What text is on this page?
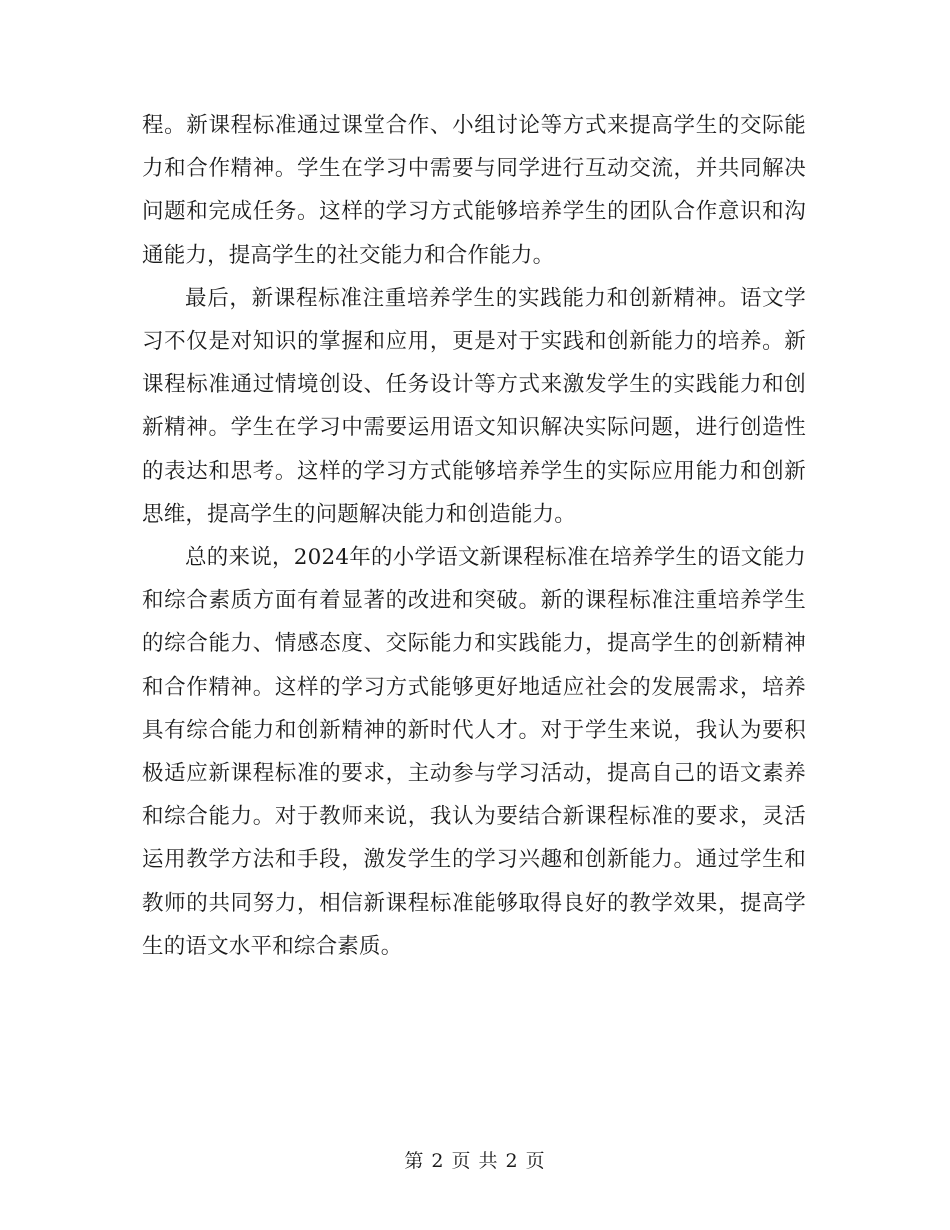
程。新课程标准通过课堂合作、小组讨论等方式来提高学生的交际能力和合作精神。学生在学习中需要与同学进行互动交流，并共同解决问题和完成任务。这样的学习方式能够培养学生的团队合作意识和沟通能力，提高学生的社交能力和合作能力。

最后，新课程标准注重培养学生的实践能力和创新精神。语文学习不仅是对知识的掌握和应用，更是对于实践和创新能力的培养。新课程标准通过情境创设、任务设计等方式来激发学生的实践能力和创新精神。学生在学习中需要运用语文知识解决实际问题，进行创造性的表达和思考。这样的学习方式能够培养学生的实际应用能力和创新思维，提高学生的问题解决能力和创造能力。

总的来说，2024年的小学语文新课程标准在培养学生的语文能力和综合素质方面有着显著的改进和突破。新的课程标准注重培养学生的综合能力、情感态度、交际能力和实践能力，提高学生的创新精神和合作精神。这样的学习方式能够更好地适应社会的发展需求，培养具有综合能力和创新精神的新时代人才。对于学生来说，我认为要积极适应新课程标准的要求，主动参与学习活动，提高自己的语文素养和综合能力。对于教师来说，我认为要结合新课程标准的要求，灵活运用教学方法和手段，激发学生的学习兴趣和创新能力。通过学生和教师的共同努力，相信新课程标准能够取得良好的教学效果，提高学生的语文水平和综合素质。

第 2 页 共 2 页
